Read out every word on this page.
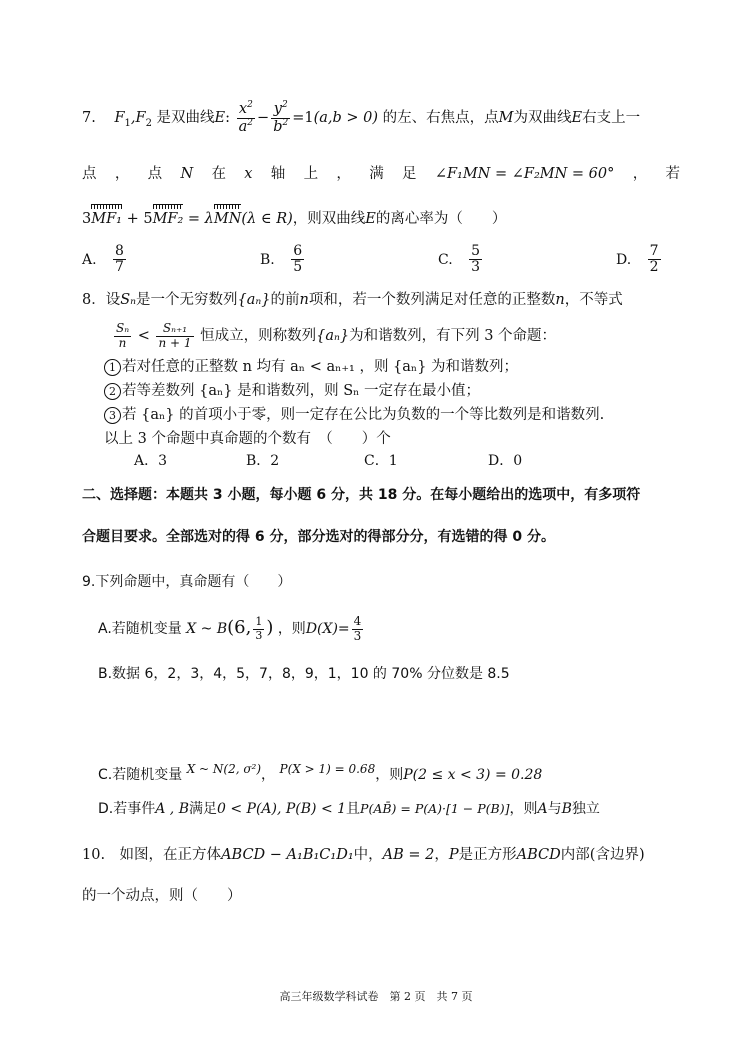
7. $F_1,F_2$ 是双曲线E: $\frac{x^2}{a^2} - \frac{y^2}{b^2} =1(a,b > 0)$ 的左、右焦点，点M为双曲线E右支上一
点 ， 点 N 在 x 轴 上 ， 满 足 ∠F₁MN = ∠F₂MN = 60° ， 若
3MF₁ + 5MF₂ = λMN(λ ∈ R)，则双曲线E的离心率为（　　）
A. $\frac{8}{7}$	B. $\frac{6}{5}$	C. $\frac{5}{3}$	D. $\frac{7}{2}$
8．设Sₙ是一个无穷数列{aₙ}的前n项和，若一个数列满足对任意的正整数n，不等式
$\frac{\text{Sₙ}}{n} < \frac{\text{Sₙ₊₁}}{n + 1}$ 恒成立，则称数列{aₙ}为和谐数列，有下列 3 个命题：
1 若对任意的正整数 n 均有 aₙ < aₙ₊₁ ，则 {aₙ} 为和谐数列；
2 若等差数列 {aₙ} 是和谐数列，则 Sₙ 一定存在最小值；
3 若 {aₙ} 的首项小于零，则一定存在公比为负数的一个等比数列是和谐数列.
以上 3 个命题中真命题的个数有　（　　）个
A．3	B．2	C．1	D．0
二、选择题：本题共 3 小题，每小题 6 分，共 18 分。在每小题给出的选项中，有多项符
合题目要求。全部选对的得 6 分，部分选对的得部分分，有选错的得 0 分。
9.下列命题中，真命题有（　　）
A.若随机变量 X ~ B(6, $\frac{1}{3}$ ) ，则$D(X)= \frac{4}{3}$
B.数据 6，2，3，4，5，7，8，9，1，10 的 70% 分位数是 8.5
C.若随机变量 X ~ N(2, σ²)， P(X > 1) = 0.68，则P(2 ≤ x < 3) = 0.28
D.若事件A , B满足0 < P(A), P(B) < 1且P(AB̄) = P(A)·[1 − P(B)]，则A与B独立
10.　如图，在正方体ABCD − A₁B₁C₁D₁中，AB = 2，P是正方形ABCD内部(含边界)
的一个动点，则（　　）
高三年级数学科试卷　第 2 页　共 7 页
